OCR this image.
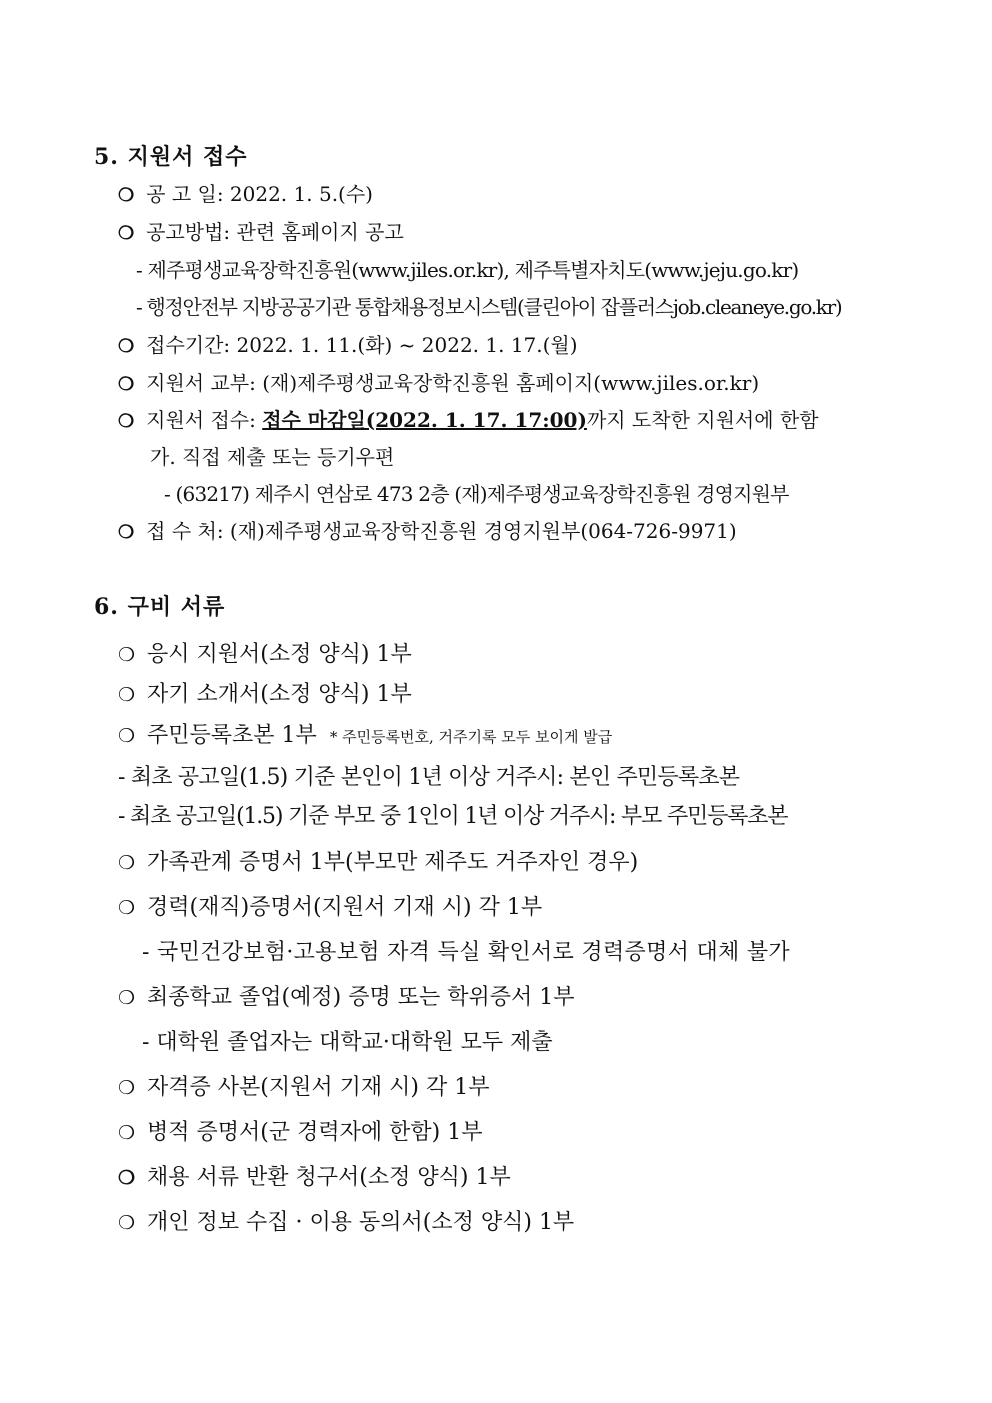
5. 지원서 접수
❍ 공 고 일: 2022. 1. 5.(수)
❍ 공고방법: 관련 홈페이지 공고
- 제주평생교육장학진흥원(www.jiles.or.kr), 제주특별자치도(www.jeju.go.kr)
- 행정안전부 지방공공기관 통합채용정보시스템(클린아이 잡플러스job.cleaneye.go.kr)
❍ 접수기간: 2022. 1. 11.(화) ~ 2022. 1. 17.(월)
❍ 지원서 교부: (재)제주평생교육장학진흥원 홈페이지(www.jiles.or.kr)
❍ 지원서 접수: 접수 마감일(2022. 1. 17. 17:00)까지 도착한 지원서에 한함
가. 직접 제출 또는 등기우편
- (63217) 제주시 연삼로 473 2층 (재)제주평생교육장학진흥원 경영지원부
❍ 접 수 처: (재)제주평생교육장학진흥원 경영지원부(064-726-9971)
6. 구비 서류
❍ 응시 지원서(소정 양식) 1부
❍ 자기 소개서(소정 양식) 1부
❍ 주민등록초본 1부 * 주민등록번호, 거주기록 모두 보이게 발급
- 최초 공고일(1.5) 기준 본인이 1년 이상 거주시: 본인 주민등록초본
- 최초 공고일(1.5) 기준 부모 중 1인이 1년 이상 거주시: 부모 주민등록초본
❍ 가족관계 증명서 1부(부모만 제주도 거주자인 경우)
❍ 경력(재직)증명서(지원서 기재 시) 각 1부
- 국민건강보험·고용보험 자격 득실 확인서로 경력증명서 대체 불가
❍ 최종학교 졸업(예정) 증명 또는 학위증서 1부
- 대학원 졸업자는 대학교·대학원 모두 제출
❍ 자격증 사본(지원서 기재 시) 각 1부
❍ 병적 증명서(군 경력자에 한함) 1부
❍ 채용 서류 반환 청구서(소정 양식) 1부
❍ 개인 정보 수집 · 이용 동의서(소정 양식) 1부
